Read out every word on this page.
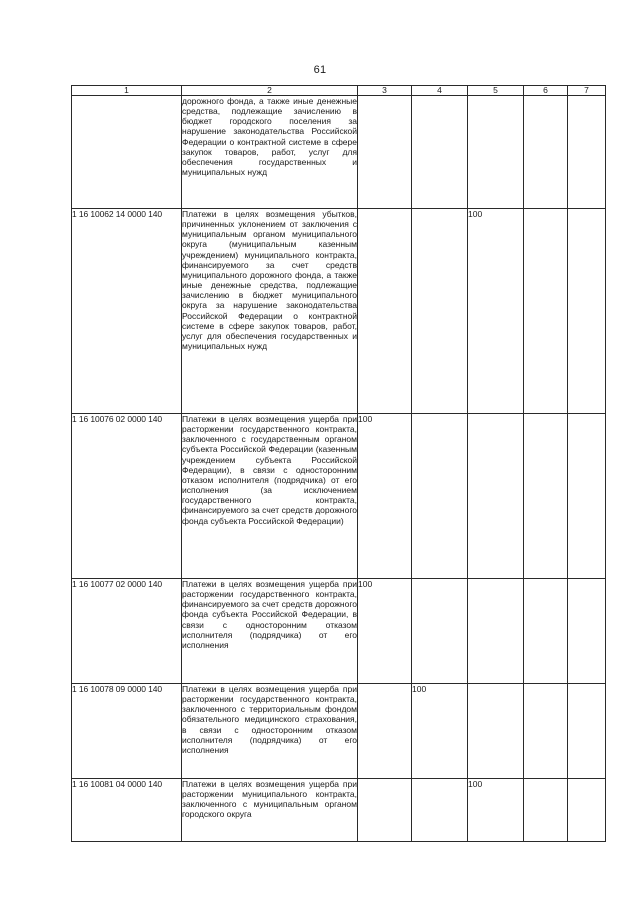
61
1	2	3	4	5	6	7
	дорожного фонда, а также иные денежные средства, подлежащие зачислению в бюджет городского поселения за нарушение законодательства Российской Федерации о контрактной системе в сфере закупок товаров, работ, услуг для обеспечения государственных и муниципальных нужд					
1 16 10062 14 0000 140	Платежи в целях возмещения убытков, причиненных уклонением от заключения с муниципальным органом муниципального округа (муниципальным казенным учреждением) муниципального контракта, финансируемого за счет средств муниципального дорожного фонда, а также иные денежные средства, подлежащие зачислению в бюджет муниципального округа за нарушение законодательства Российской Федерации о контрактной системе в сфере закупок товаров, работ, услуг для обеспечения государственных и муниципальных нужд			100		
1 16 10076 02 0000 140	Платежи в целях возмещения ущерба при расторжении государственного контракта, заключенного с государственным органом субъекта Российской Федерации (казенным учреждением субъекта Российской Федерации), в связи с односторонним отказом исполнителя (подрядчика) от его исполнения (за исключением государственного контракта, финансируемого за счет средств дорожного фонда субъекта Российской Федерации)	100				
1 16 10077 02 0000 140	Платежи в целях возмещения ущерба при расторжении государственного контракта, финансируемого за счет средств дорожного фонда субъекта Российской Федерации, в связи с односторонним отказом исполнителя (подрядчика) от его исполнения	100				
1 16 10078 09 0000 140	Платежи в целях возмещения ущерба при расторжении государственного контракта, заключенного с территориальным фондом обязательного медицинского страхования, в связи с односторонним отказом исполнителя (подрядчика) от его исполнения		100			
1 16 10081 04 0000 140	Платежи в целях возмещения ущерба при расторжении муниципального контракта, заключенного с муниципальным органом городского округа			100		
